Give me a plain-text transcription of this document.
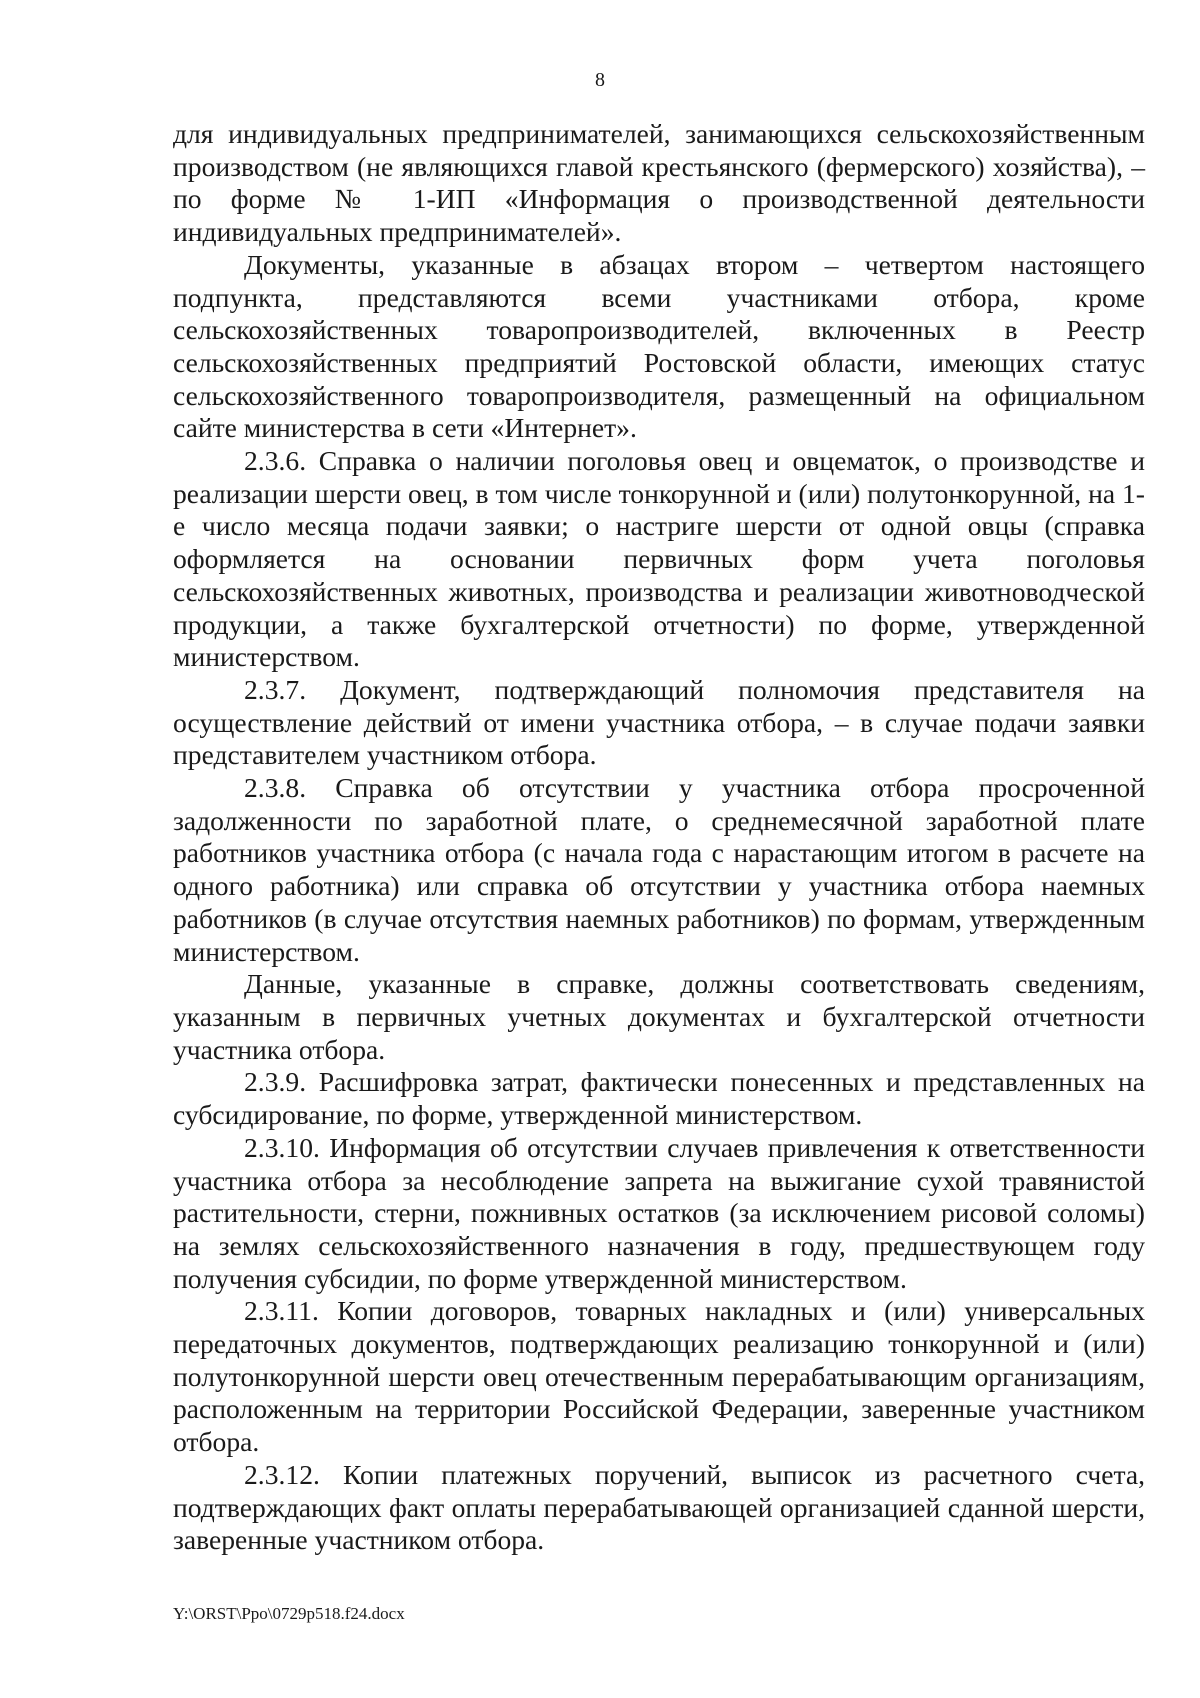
8

для индивидуальных предпринимателей, занимающихся сельскохозяйственным производством (не являющихся главой крестьянского (фермерского) хозяйства), – по форме № 1-ИП «Информация о производственной деятельности индивидуальных предпринимателей».

Документы, указанные в абзацах втором – четвертом настоящего подпункта, представляются всеми участниками отбора, кроме сельскохозяйственных товаропроизводителей, включенных в Реестр сельскохозяйственных предприятий Ростовской области, имеющих статус сельскохозяйственного товаропроизводителя, размещенный на официальном сайте министерства в сети «Интернет».

2.3.6. Справка о наличии поголовья овец и овцематок, о производстве и реализации шерсти овец, в том числе тонкорунной и (или) полутонкорунной, на 1-е число месяца подачи заявки; о настриге шерсти от одной овцы (справка оформляется на основании первичных форм учета поголовья сельскохозяйственных животных, производства и реализации животноводческой продукции, а также бухгалтерской отчетности) по форме, утвержденной министерством.

2.3.7. Документ, подтверждающий полномочия представителя на осуществление действий от имени участника отбора, – в случае подачи заявки представителем участником отбора.

2.3.8. Справка об отсутствии у участника отбора просроченной задолженности по заработной плате, о среднемесячной заработной плате работников участника отбора (с начала года с нарастающим итогом в расчете на одного работника) или справка об отсутствии у участника отбора наемных работников (в случае отсутствия наемных работников) по формам, утвержденным министерством.

Данные, указанные в справке, должны соответствовать сведениям, указанным в первичных учетных документах и бухгалтерской отчетности участника отбора.

2.3.9. Расшифровка затрат, фактически понесенных и представленных на субсидирование, по форме, утвержденной министерством.

2.3.10. Информация об отсутствии случаев привлечения к ответственности участника отбора за несоблюдение запрета на выжигание сухой травянистой растительности, стерни, пожнивных остатков (за исключением рисовой соломы) на землях сельскохозяйственного назначения в году, предшествующем году получения субсидии, по форме утвержденной министерством.

2.3.11. Копии договоров, товарных накладных и (или) универсальных передаточных документов, подтверждающих реализацию тонкорунной и (или) полутонкорунной шерсти овец отечественным перерабатывающим организациям, расположенным на территории Российской Федерации, заверенные участником отбора.

2.3.12. Копии платежных поручений, выписок из расчетного счета, подтверждающих факт оплаты перерабатывающей организацией сданной шерсти, заверенные участником отбора.

Y:\ORST\Ppo\0729p518.f24.docx
